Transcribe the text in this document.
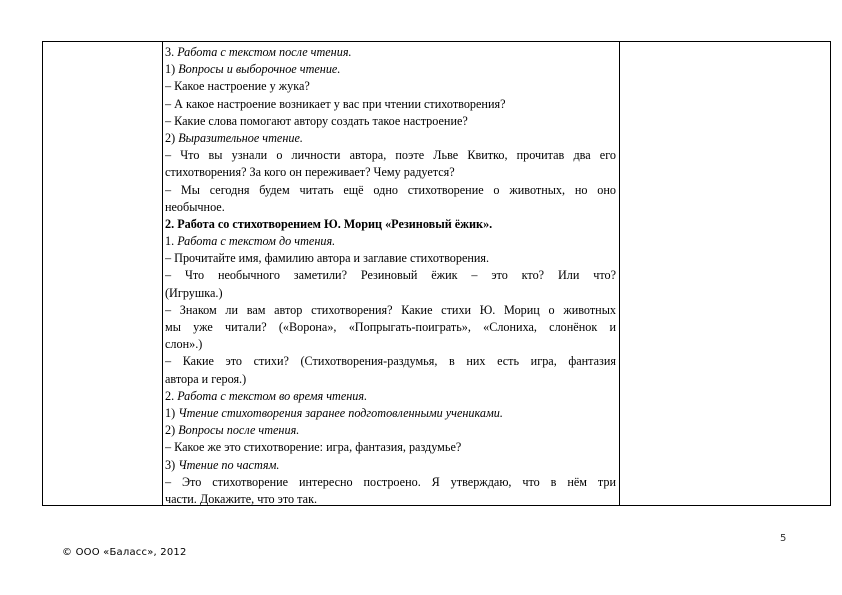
3. Работа с текстом после чтения.
1) Вопросы и выборочное чтение.
– Какое настроение у жука?
– А какое настроение возникает у вас при чтении стихотворения?
– Какие слова помогают автору создать такое настроение?
2) Выразительное чтение.
– Что вы узнали о личности автора, поэте Льве Квитко, прочитав два его
стихотворения? За кого он переживает? Чему радуется?
– Мы сегодня будем читать ещё одно стихотворение о животных, но оно
необычное.
2. Работа со стихотворением Ю. Мориц «Резиновый ёжик».
1. Работа с текстом до чтения.
– Прочитайте имя, фамилию автора и заглавие стихотворения.
– Что необычного заметили? Резиновый ёжик – это кто? Или что?
(Игрушка.)
– Знаком ли вам автор стихотворения? Какие стихи Ю. Мориц о животных
мы уже читали? («Ворона», «Попрыгать-поиграть», «Слониха, слонёнок и
слон».)
– Какие это стихи? (Стихотворения-раздумья, в них есть игра, фантазия
автора и героя.)
2. Работа с текстом во время чтения.
1) Чтение стихотворения заранее подготовленными учениками.
2) Вопросы после чтения.
– Какое же это стихотворение: игра, фантазия, раздумье?
3) Чтение по частям.
– Это стихотворение интересно построено. Я утверждаю, что в нём три
части. Докажите, что это так.
5
© ООО «Баласс», 2012
